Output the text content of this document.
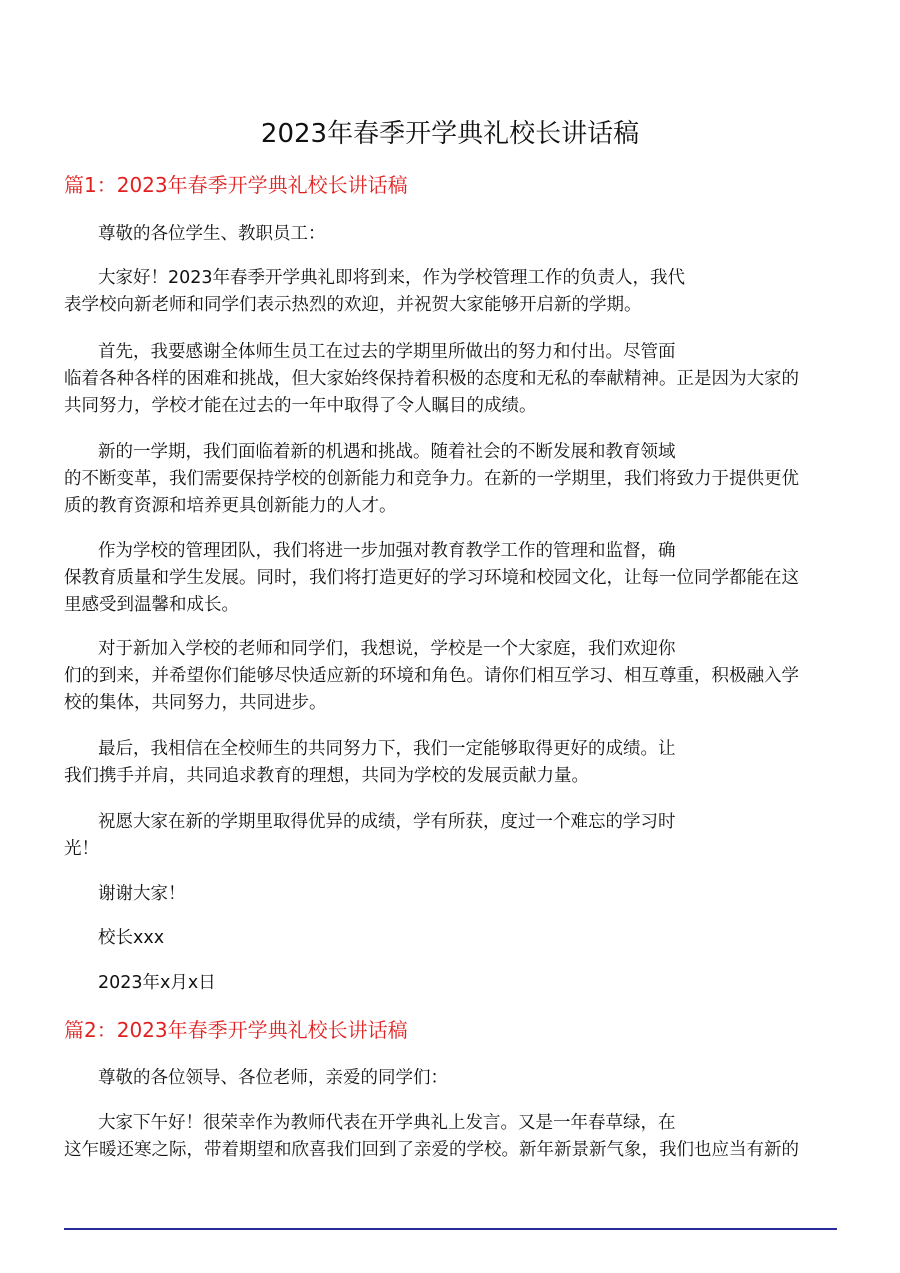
2023年春季开学典礼校长讲话稿
篇1：2023年春季开学典礼校长讲话稿

尊敬的各位学生、教职员工：

大家好！2023年春季开学典礼即将到来，作为学校管理工作的负责人，我代

表学校向新老师和同学们表示热烈的欢迎，并祝贺大家能够开启新的学期。

首先，我要感谢全体师生员工在过去的学期里所做出的努力和付出。尽管面

临着各种各样的困难和挑战，但大家始终保持着积极的态度和无私的奉献精神。正是因为大家的

共同努力，学校才能在过去的一年中取得了令人瞩目的成绩。

新的一学期，我们面临着新的机遇和挑战。随着社会的不断发展和教育领域

的不断变革，我们需要保持学校的创新能力和竞争力。在新的一学期里，我们将致力于提供更优

质的教育资源和培养更具创新能力的人才。

作为学校的管理团队，我们将进一步加强对教育教学工作的管理和监督，确

保教育质量和学生发展。同时，我们将打造更好的学习环境和校园文化，让每一位同学都能在这

里感受到温馨和成长。

对于新加入学校的老师和同学们，我想说，学校是一个大家庭，我们欢迎你

们的到来，并希望你们能够尽快适应新的环境和角色。请你们相互学习、相互尊重，积极融入学

校的集体，共同努力，共同进步。

最后，我相信在全校师生的共同努力下，我们一定能够取得更好的成绩。让

我们携手并肩，共同追求教育的理想，共同为学校的发展贡献力量。

祝愿大家在新的学期里取得优异的成绩，学有所获，度过一个难忘的学习时

光！

谢谢大家！

校长xxx

2023年x月x日

篇2：2023年春季开学典礼校长讲话稿

尊敬的各位领导、各位老师，亲爱的同学们：

大家下午好！很荣幸作为教师代表在开学典礼上发言。又是一年春草绿，在

这乍暖还寒之际，带着期望和欣喜我们回到了亲爱的学校。新年新景新气象，我们也应当有新的
